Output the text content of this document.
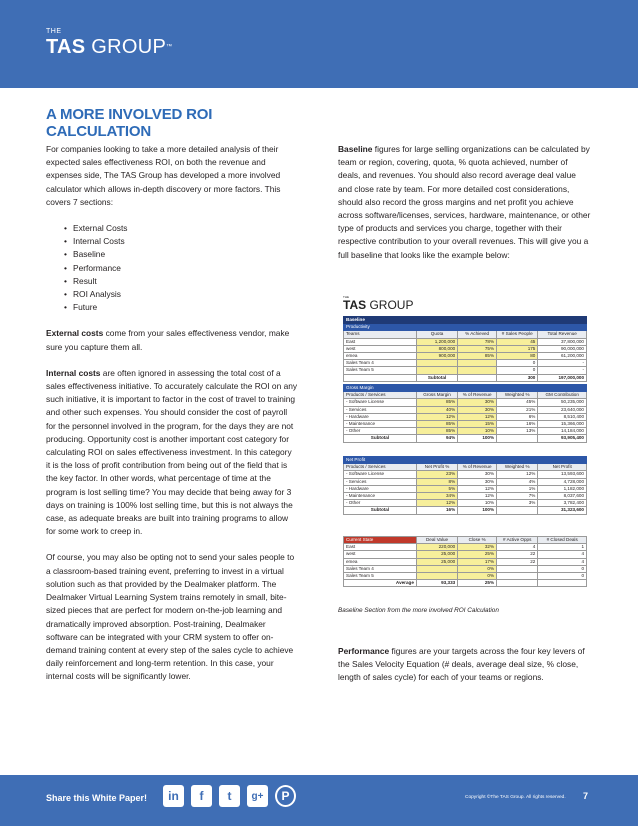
THE
TAS GROUP™
A MORE INVOLVED ROI CALCULATION

For companies looking to take a more detailed analysis of their expected sales effectiveness ROI, on both the revenue and expenses side, The TAS Group has developed a more involved calculator which allows in-depth discovery or more factors. This covers 7 sections:

• External Costs
• Internal Costs
• Baseline
• Performance
• Result
• ROI Analysis
• Future

External costs come from your sales effectiveness vendor, make sure you capture them all.

Internal costs are often ignored in assessing the total cost of a sales effectiveness initiative. To accurately calculate the ROI on any such initiative, it is important to factor in the cost of travel to training and other such expenses. You should consider the cost of payroll for the personnel involved in the program, for the days they are not producing. Opportunity cost is another important cost category for calculating ROI on sales effectiveness investment. In this category it is the loss of profit contribution from being out of the field that is the key factor. In other words, what percentage of time at the program is lost selling time? You may decide that being away for 3 days on training is 100% lost selling time, but this is not always the case, as adequate breaks are built into training programs to allow for some work to creep in.

Of course, you may also be opting not to send your sales people to a classroom-based training event, preferring to invest in a virtual solution such as that provided by the Dealmaker platform. The Dealmaker Virtual Learning System trains remotely in small, bite-sized pieces that are perfect for modern on-the-job learning and dramatically improved absorption. Post-training, Dealmaker software can be integrated with your CRM system to offer on-demand training content at every step of the sales cycle to achieve daily reinforcement and long-term retention. In this case, your internal costs will be significantly lower.

Baseline figures for large selling organizations can be calculated by team or region, covering, quota, % quota achieved, number of deals, and revenues. You should also record average deal value and close rate by team. For more detailed cost considerations, should also record the gross margins and net profit you achieve across software/licenses, services, hardware, maintenance, or other type of products and services you charge, together with their respective contribution to your overall revenues. This will give you a full baseline that looks like the example below:

THE
TAS GROUP
Baseline				
Productivity				
Teams	Quota	% Achieved	# Sales People	Total Revenue
East	1,200,000	78%	45	37,800,000
west	800,000	75%	175	90,000,000
emea	900,000	85%	80	61,200,000
Sales Team 4			0	-
Sales Team 5			0	-
	Subtotal		300	197,000,000
Gross Margin				
Products / Services	Gross Margin	% of Revenue	Weighted %	GM Contribution
- Software License	85%	30%	45%	50,235,000
- Services	40%	30%	21%	23,640,000
- Hardware	12%	12%	6%	8,510,400
- Maintenance	85%	15%	16%	15,366,000
- Other	85%	10%	13%	14,184,000
Subtotal	94%	100%		93,905,400
Net Profit				
Products / Services	Net Profit %	% of Revenue	Weighted %	Net Profit
- Software License	23%	30%	12%	13,593,600
- Services	8%	30%	4%	4,728,000
- Hardware	5%	12%	1%	1,182,000
- Maintenance	34%	12%	7%	8,037,600
- Other	12%	10%	3%	3,782,400
Subtotal	16%	100%		31,323,600
Current State	Deal Value	Close %	# Active Opps	# Closed Deals
East	220,000	32%	4	1
west	25,000	25%	22	4
emea	25,000	17%	22	4
Sales Team 4		0%		0
Sales Team 5		0%		0
Average	93,333	25%		
Baseline Section from the more involved ROI Calculation

Performance figures are your targets across the four key levers of the Sales Velocity Equation (# deals, average deal size, % close, length of sales cycle) for each of your teams or regions.

Share this White Paper!	in	f	t	g+	P	Copyright ©The TAS Group. All rights reserved. 7
